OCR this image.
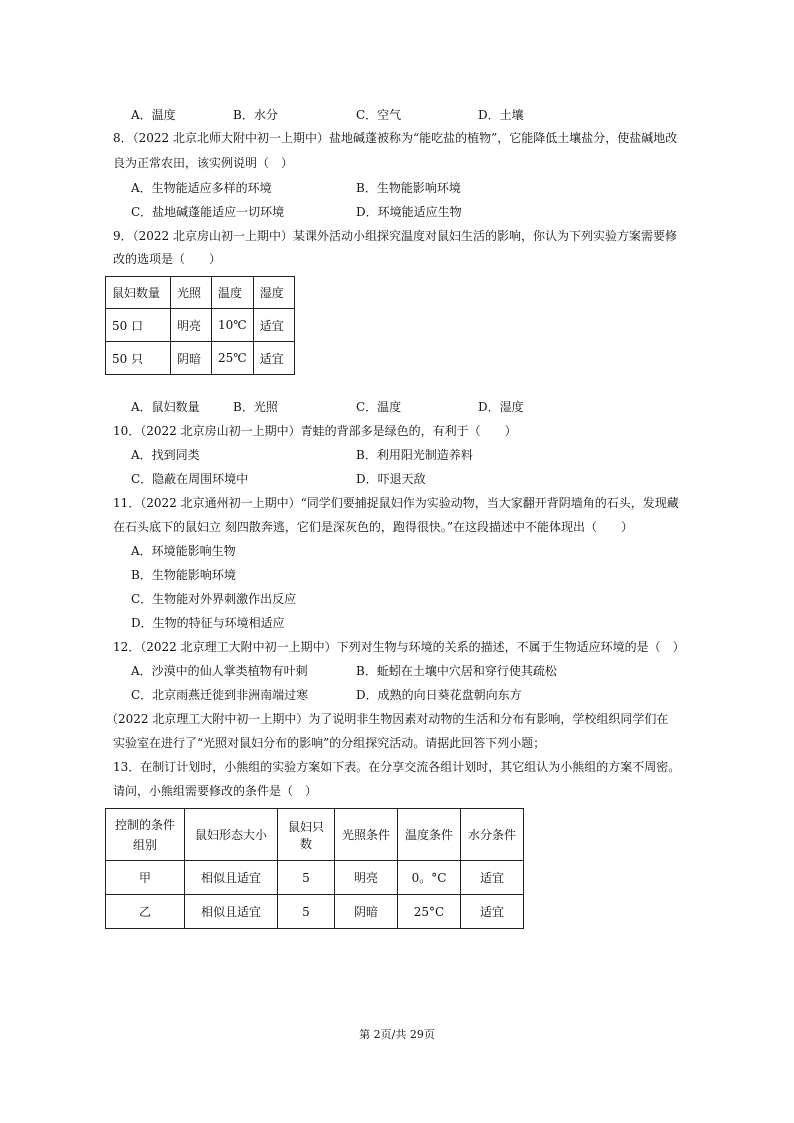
A．温度	B．水分	C．空气	D．土壤
8．（2022 北京北师大附中初一上期中）盐地碱蓬被称为“能吃盐的植物”，它能降低土壤盐分，使盐碱地改
良为正常农田，该实例说明（　）
A．生物能适应多样的环境	B．生物能影响环境
C．盐地碱蓬能适应一切环境	D．环境能适应生物
9．（2022 北京房山初一上期中）某课外活动小组探究温度对鼠妇生活的影响，你认为下列实验方案需要修
改的选项是（　　）
鼠妇数量	光照	温度	湿度
50 口	明亮	10℃	适宜
50 只	阴暗	25℃	适宜
A．鼠妇数量	B．光照	C．温度	D．湿度
10．（2022 北京房山初一上期中）青蛙的背部多是绿色的，有利于（　　）
A．找到同类	B．利用阳光制造养料
C．隐蔽在周围环境中	D．吓退天敌
11．（2022 北京通州初一上期中）“同学们要捕捉鼠妇作为实验动物，当大家翻开背阴墙角的石头，发现藏
在石头底下的鼠妇立 刻四散奔逃，它们是深灰色的，跑得很快。”在这段描述中不能体现出（　　）
A．环境能影响生物
B．生物能影响环境
C．生物能对外界刺激作出反应
D．生物的特征与环境相适应
12．（2022 北京理工大附中初一上期中）下列对生物与环境的关系的描述，不属于生物适应环境的是（　）
A．沙漠中的仙人掌类植物有叶刺	B．蚯蚓在土壤中穴居和穿行使其疏松
C．北京雨燕迁徙到非洲南端过寒	D．成熟的向日葵花盘朝向东方
（2022 北京理工大附中初一上期中）为了说明非生物因素对动物的生活和分布有影响，学校组织同学们在
实验室在进行了“光照对鼠妇分布的影响”的分组探究活动。请据此回答下列小题；
13．在制订计划时，小熊组的实验方案如下表。在分享交流各组计划时，其它组认为小熊组的方案不周密。
请问，小熊组需要修改的条件是（　）
控制的条件
组别	鼠妇形态大小	鼠妇只数	光照条件	温度条件	水分条件
甲	相似且适宜	5	明亮	0。°C	适宜
乙	相似且适宜	5	阴暗	25°C	适宜
第 2页/共 29页
